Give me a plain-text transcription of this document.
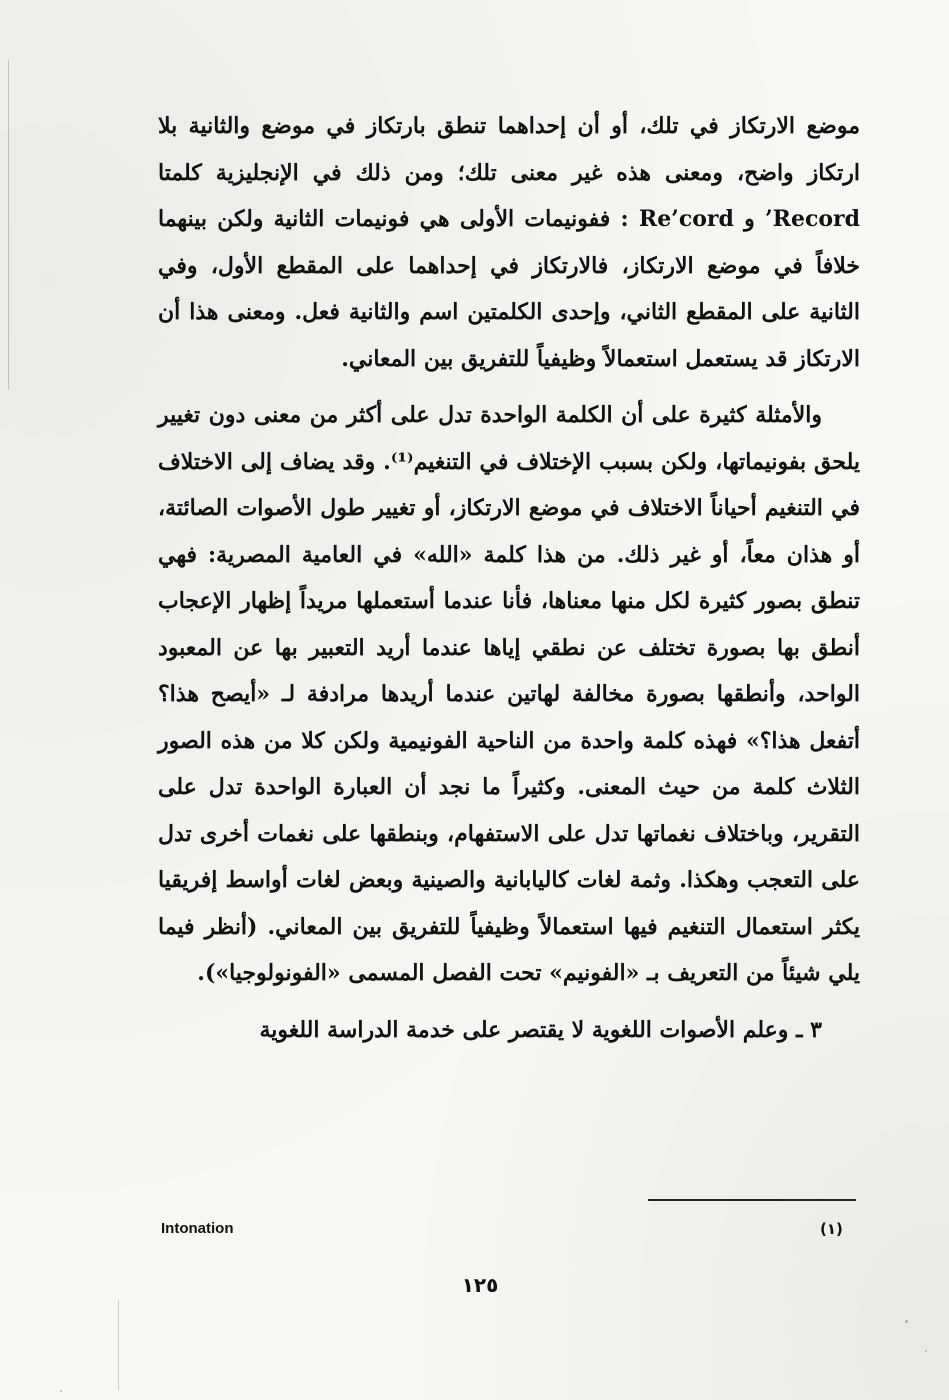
موضع الارتكاز في تلك، أو أن إحداهما تنطق بارتكاز في موضع والثانية بلا ارتكاز واضح، ومعنى هذه غير معنى تلك؛ ومن ذلك في الإنجليزية كلمتا Record’ و Re’cord : ففونيمات الأولى هي فونيمات الثانية ولكن بينهما خلافاً في موضع الارتكاز، فالارتكاز في إحداهما على المقطع الأول، وفي الثانية على المقطع الثاني، وإحدى الكلمتين اسم والثانية فعل. ومعنى هذا أن الارتكاز قد يستعمل استعمالاً وظيفياً للتفريق بين المعاني.

والأمثلة كثيرة على أن الكلمة الواحدة تدل على أكثر من معنى دون تغيير يلحق بفونيماتها، ولكن بسبب الإختلاف في التنغيم⁽¹⁾. وقد يضاف إلى الاختلاف في التنغيم أحياناً الاختلاف في موضع الارتكاز، أو تغيير طول الأصوات الصائتة، أو هذان معاً، أو غير ذلك. من هذا كلمة «الله» في العامية المصرية: فهي تنطق بصور كثيرة لكل منها معناها، فأنا عندما أستعملها مريداً إظهار الإعجاب أنطق بها بصورة تختلف عن نطقي إياها عندما أريد التعبير بها عن المعبود الواحد، وأنطقها بصورة مخالفة لهاتين عندما أريدها مرادفة لـ «أيصح هذا؟ أتفعل هذا؟» فهذه كلمة واحدة من الناحية الفونيمية ولكن كلا من هذه الصور الثلاث كلمة من حيث المعنى. وكثيراً ما نجد أن العبارة الواحدة تدل على التقرير، وباختلاف نغماتها تدل على الاستفهام، وبنطقها على نغمات أخرى تدل على التعجب وهكذا. وثمة لغات كاليابانية والصينية وبعض لغات أواسط إفريقيا يكثر استعمال التنغيم فيها استعمالاً وظيفياً للتفريق بين المعاني. (أنظر فيما يلي شيئاً من التعريف بـ «الفونيم» تحت الفصل المسمى «الفونولوجيا»).

٣ ـ وعلم الأصوات اللغوية لا يقتصر على خدمة الدراسة اللغوية

Intonation	(١)
١٢٥
